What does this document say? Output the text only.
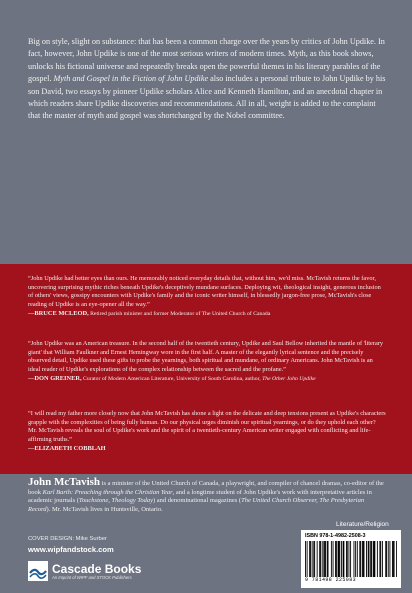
Big on style, slight on substance: that has been a common charge over the years by critics of John Updike. In fact, however, John Updike is one of the most serious writers of modern times. Myth, as this book shows, unlocks his fictional universe and repeatedly breaks open the powerful themes in his literary parables of the gospel. Myth and Gospel in the Fiction of John Updike also includes a personal tribute to John Updike by his son David, two essays by pioneer Updike scholars Alice and Kenneth Hamilton, and an anecdotal chapter in which readers share Updike discoveries and recommendations. All in all, weight is added to the complaint that the master of myth and gospel was shortchanged by the Nobel committee.

“John Updike had better eyes than ours. He memorably noticed everyday details that, without him, we'd miss. McTavish returns the favor, uncovering surprising mythic riches beneath Updike's deceptively mundane surfaces. Deploying wit, theological insight, generous inclusion of others' views, gossipy encounters with Updike's family and the iconic writer himself, in blessedly jargon-free prose, McTavish's close reading of Updike is an eye-opener all the way.”

—BRUCE MCLEOD, Retired parish minister and former Moderator of The United Church of Canada

“John Updike was an American treasure. In the second half of the twentieth century, Updike and Saul Bellow inherited the mantle of 'literary giant' that William Faulkner and Ernest Hemingway wore in the first half. A master of the elegantly lyrical sentence and the precisely observed detail, Updike used these gifts to probe the yearnings, both spiritual and mundane, of ordinary Americans. John McTavish is an ideal reader of Updike's explorations of the complex relationship between the sacred and the profane.”

—DON GREINER, Curator of Modern American Literature, University of South Carolina, author, The Other John Updike

“I will read my father more closely now that John McTavish has shone a light on the delicate and deep tensions present as Updike's characters grapple with the complexities of being fully human. Do our physical urges diminish our spiritual yearnings, or do they uphold each other? Mr. McTavish reveals the soul of Updike's work and the spirit of a twentieth-century American writer engaged with conflicting and life-affirming truths.”

—ELIZABETH COBBLAH
John McTavish is a minister of the United Church of Canada, a playwright, and compiler of chancel dramas, co-editor of the book Karl Barth: Preaching through the Christian Year, and a longtime student of John Updike's work with interpretative articles in academic journals (Touchstone, Theology Today) and denominational magazines (The United Church Observer, The Presbyterian Record). Mr. McTavish lives in Huntsville, Ontario.
Literature/Religion
COVER DESIGN: Mike Surber
www.wipfandstock.com
Cascade Books
An Imprint of WIPF and STOCK Publishers
ISBN 978-1-4982-2508-3
9 781498 225083
